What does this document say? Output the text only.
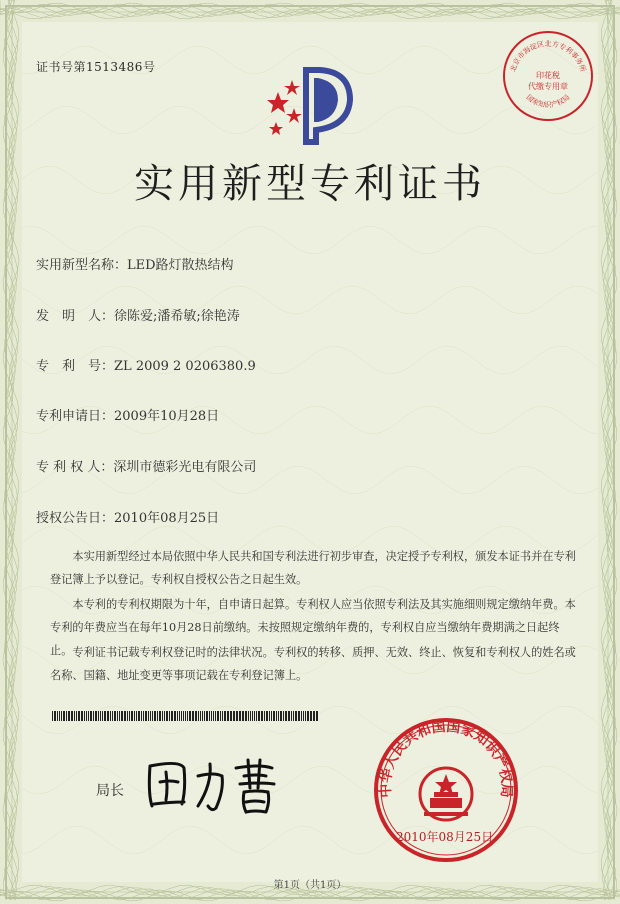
证书号第1513486号	北京市海淀区北方专利事务所
国家知识产权局
印花税
代缴专用章
实用新型专利证书
实用新型名称：LED路灯散热结构
发　明　人：徐陈爱;潘希敏;徐艳涛
专　利　号：ZL 2009 2 0206380.9
专利申请日：2009年10月28日
专 利 权 人：深圳市德彩光电有限公司
授权公告日：2010年08月25日
本实用新型经过本局依照中华人民共和国专利法进行初步审查，决定授予专利权，颁发本证书并在专利登记簿上予以登记。专利权自授权公告之日起生效。
本专利的专利权期限为十年，自申请日起算。专利权人应当依照专利法及其实施细则规定缴纳年费。本专利的年费应当在每年10月28日前缴纳。未按照规定缴纳年费的，专利权自应当缴纳年费期满之日起终止。 专利证书记载专利权登记时的法律状况。专利权的转移、质押、无效、终止、恢复和专利权人的姓名或名称、国籍、地址变更等事项记载在专利登记簿上。
局长	中华人民共和国国家知识产权局
2010年08月25日
第1页（共1页）
